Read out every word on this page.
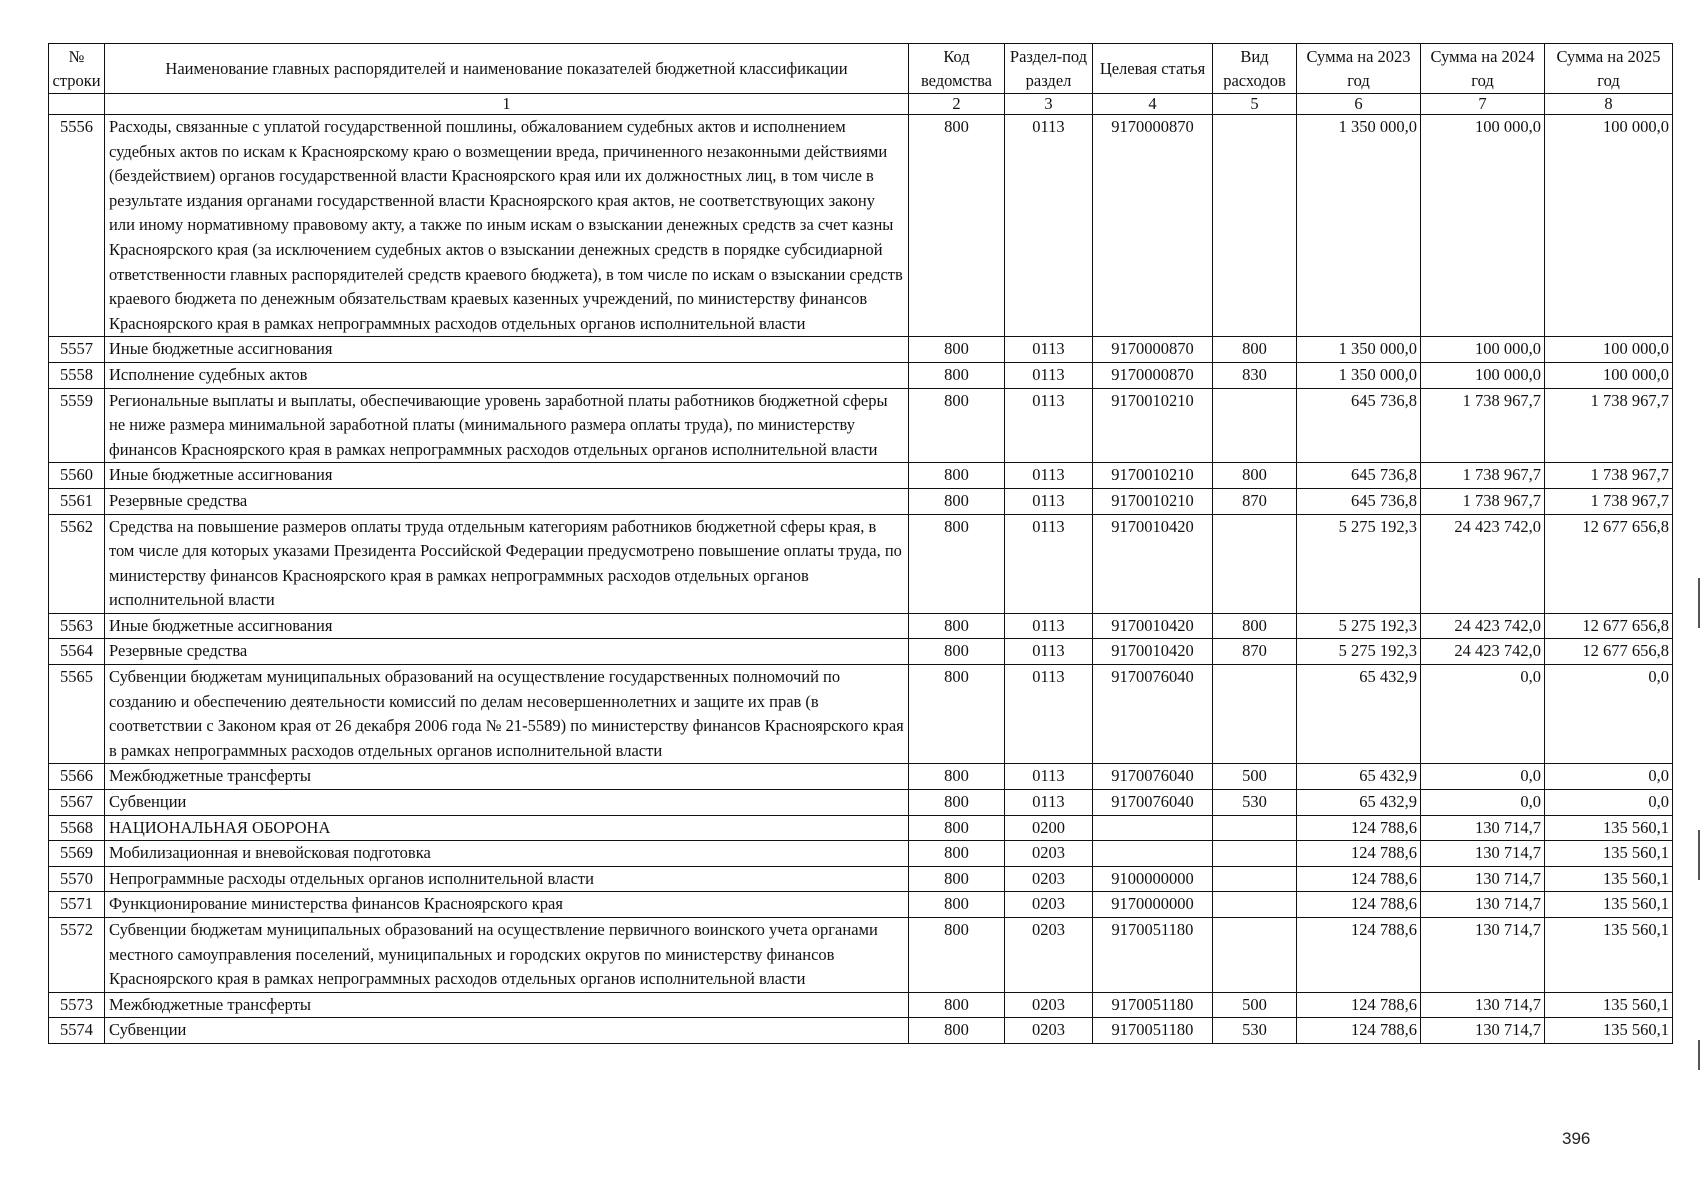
№ строки	Наименование главных распорядителей и наименование показателей бюджетной классификации	Код ведомства	Раздел-подраздел	Целевая статья	Вид расходов	Сумма на 2023 год	Сумма на 2024 год	Сумма на 2025 год
	1	2	3	4	5	6	7	8
5556	Расходы, связанные с уплатой государственной пошлины, обжалованием судебных актов и исполнением судебных актов по искам к Красноярскому краю о возмещении вреда, причиненного незаконными действиями (бездействием) органов государственной власти Красноярского края или их должностных лиц, в том числе в результате издания органами государственной власти Красноярского края актов, не соответствующих закону или иному нормативному правовому акту, а также по иным искам о взыскании денежных средств за счет казны Красноярского края (за исключением судебных актов о взыскании денежных средств в порядке субсидиарной ответственности главных распорядителей средств краевого бюджета), в том числе по искам о взыскании средств краевого бюджета по денежным обязательствам краевых казенных учреждений, по министерству финансов Красноярского края в рамках непрограммных расходов отдельных органов исполнительной власти	800	0113	9170000870		1 350 000,0	100 000,0	100 000,0
5557	Иные бюджетные ассигнования	800	0113	9170000870	800	1 350 000,0	100 000,0	100 000,0
5558	Исполнение судебных актов	800	0113	9170000870	830	1 350 000,0	100 000,0	100 000,0
5559	Региональные выплаты и выплаты, обеспечивающие уровень заработной платы работников бюджетной сферы не ниже размера минимальной заработной платы (минимального размера оплаты труда), по министерству финансов Красноярского края в рамках непрограммных расходов отдельных органов исполнительной власти	800	0113	9170010210		645 736,8	1 738 967,7	1 738 967,7
5560	Иные бюджетные ассигнования	800	0113	9170010210	800	645 736,8	1 738 967,7	1 738 967,7
5561	Резервные средства	800	0113	9170010210	870	645 736,8	1 738 967,7	1 738 967,7
5562	Средства на повышение размеров оплаты труда отдельным категориям работников бюджетной сферы края, в том числе для которых указами Президента Российской Федерации предусмотрено повышение оплаты труда, по министерству финансов Красноярского края в рамках непрограммных расходов отдельных органов исполнительной власти	800	0113	9170010420		5 275 192,3	24 423 742,0	12 677 656,8
5563	Иные бюджетные ассигнования	800	0113	9170010420	800	5 275 192,3	24 423 742,0	12 677 656,8
5564	Резервные средства	800	0113	9170010420	870	5 275 192,3	24 423 742,0	12 677 656,8
5565	Субвенции бюджетам муниципальных образований на осуществление государственных полномочий по созданию и обеспечению деятельности комиссий по делам несовершеннолетних и защите их прав (в соответствии с Законом края от 26 декабря 2006 года № 21-5589) по министерству финансов Красноярского края в рамках непрограммных расходов отдельных органов исполнительной власти	800	0113	9170076040		65 432,9	0,0	0,0
5566	Межбюджетные трансферты	800	0113	9170076040	500	65 432,9	0,0	0,0
5567	Субвенции	800	0113	9170076040	530	65 432,9	0,0	0,0
5568	НАЦИОНАЛЬНАЯ ОБОРОНА	800	0200			124 788,6	130 714,7	135 560,1
5569	Мобилизационная и вневойсковая подготовка	800	0203			124 788,6	130 714,7	135 560,1
5570	Непрограммные расходы отдельных органов исполнительной власти	800	0203	9100000000		124 788,6	130 714,7	135 560,1
5571	Функционирование министерства финансов Красноярского края	800	0203	9170000000		124 788,6	130 714,7	135 560,1
5572	Субвенции бюджетам муниципальных образований на осуществление первичного воинского учета органами местного самоуправления поселений, муниципальных и городских округов по министерству финансов Красноярского края в рамках непрограммных расходов отдельных органов исполнительной власти	800	0203	9170051180		124 788,6	130 714,7	135 560,1
5573	Межбюджетные трансферты	800	0203	9170051180	500	124 788,6	130 714,7	135 560,1
5574	Субвенции	800	0203	9170051180	530	124 788,6	130 714,7	135 560,1
396
